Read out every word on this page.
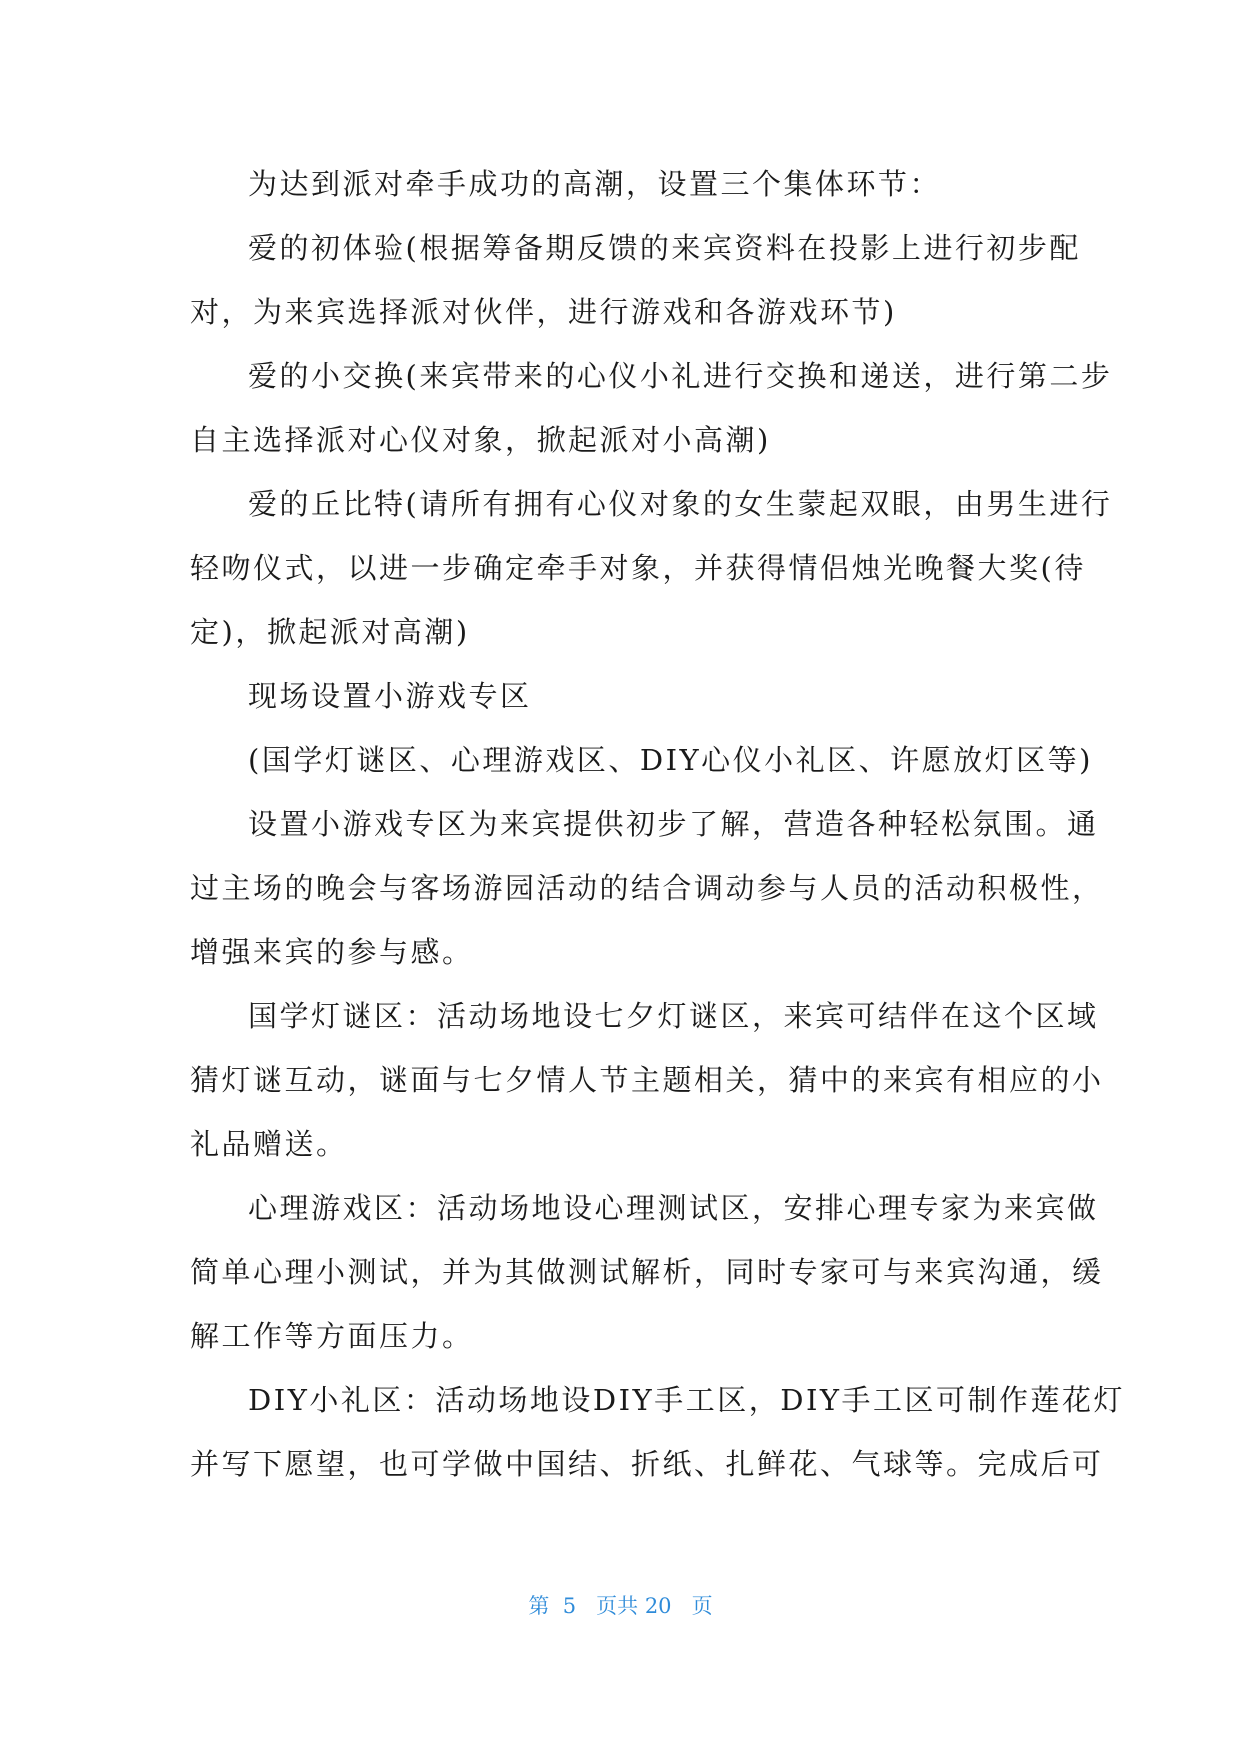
为达到派对牵手成功的高潮，设置三个集体环节：
爱的初体验(根据筹备期反馈的来宾资料在投影上进行初步配
对，为来宾选择派对伙伴，进行游戏和各游戏环节)
爱的小交换(来宾带来的心仪小礼进行交换和递送，进行第二步
自主选择派对心仪对象，掀起派对小高潮)
爱的丘比特(请所有拥有心仪对象的女生蒙起双眼，由男生进行
轻吻仪式，以进一步确定牵手对象，并获得情侣烛光晚餐大奖(待
定)，掀起派对高潮)
现场设置小游戏专区
(国学灯谜区、心理游戏区、DIY心仪小礼区、许愿放灯区等)
设置小游戏专区为来宾提供初步了解，营造各种轻松氛围。通
过主场的晚会与客场游园活动的结合调动参与人员的活动积极性，
增强来宾的参与感。
国学灯谜区：活动场地设七夕灯谜区，来宾可结伴在这个区域
猜灯谜互动，谜面与七夕情人节主题相关，猜中的来宾有相应的小
礼品赠送。
心理游戏区：活动场地设心理测试区，安排心理专家为来宾做
简单心理小测试，并为其做测试解析，同时专家可与来宾沟通，缓
解工作等方面压力。
DIY小礼区：活动场地设DIY手工区，DIY手工区可制作莲花灯
并写下愿望，也可学做中国结、折纸、扎鲜花、气球等。完成后可
第  5   页共 20   页
